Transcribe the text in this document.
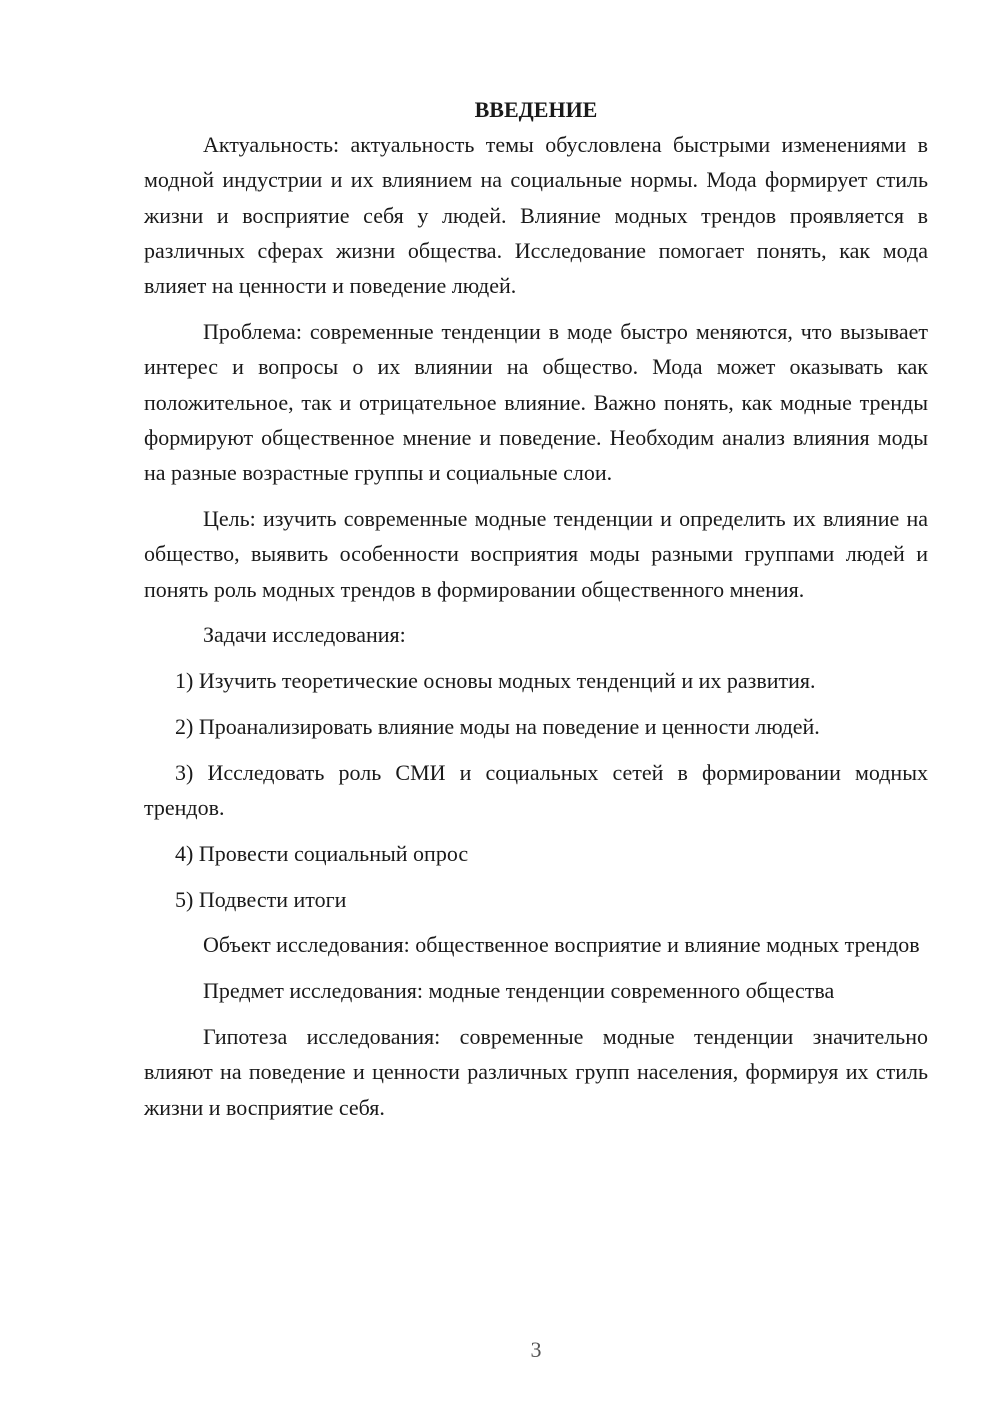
ВВЕДЕНИЕ

Актуальность: актуальность темы обусловлена быстрыми изменениями в модной индустрии и их влиянием на социальные нормы. Мода формирует стиль жизни и восприятие себя у людей. Влияние модных трендов проявляется в различных сферах жизни общества. Исследование помогает понять, как мода влияет на ценности и поведение людей.

Проблема: современные тенденции в моде быстро меняются, что вызывает интерес и вопросы о их влиянии на общество. Мода может оказывать как положительное, так и отрицательное влияние. Важно понять, как модные тренды формируют общественное мнение и поведение. Необходим анализ влияния моды на разные возрастные группы и социальные слои.

Цель: изучить современные модные тенденции и определить их влияние на общество, выявить особенности восприятия моды разными группами людей и понять роль модных трендов в формировании общественного мнения.

Задачи исследования:

1) Изучить теоретические основы модных тенденций и их развития.

2) Проанализировать влияние моды на поведение и ценности людей.

3) Исследовать роль СМИ и социальных сетей в формировании модных трендов.

4) Провести социальный опрос

5) Подвести итоги

Объект исследования: общественное восприятие и влияние модных трендов

Предмет исследования: модные тенденции современного общества

Гипотеза исследования: современные модные тенденции значительно влияют на поведение и ценности различных групп населения, формируя их стиль жизни и восприятие себя.

3
